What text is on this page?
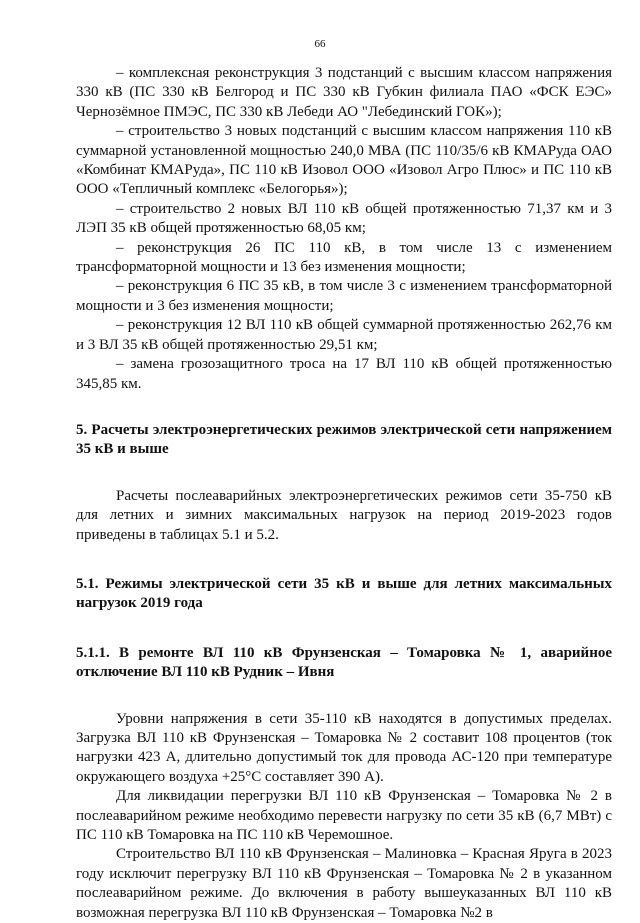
66

– комплексная реконструкция 3 подстанций с высшим классом напряжения 330 кВ (ПС 330 кВ Белгород и ПС 330 кВ Губкин филиала ПАО «ФСК ЕЭС» Чернозёмное ПМЭС, ПС 330 кВ Лебеди АО "Лебединский ГОК»);

– строительство 3 новых подстанций с высшим классом напряжения 110 кВ суммарной установленной мощностью 240,0 МВА (ПС 110/35/6 кВ КМАРуда ОАО «Комбинат КМАРуда», ПС 110 кВ Изовол ООО «Изовол Агро Плюс» и ПС 110 кВ ООО «Тепличный комплекс «Белогорья»);

– строительство 2 новых ВЛ 110 кВ общей протяженностью 71,37 км и 3 ЛЭП 35 кВ общей протяженностью 68,05 км;

– реконструкция 26 ПС 110 кВ, в том числе 13 с изменением трансформаторной мощности и 13 без изменения мощности;

– реконструкция 6 ПС 35 кВ, в том числе 3 с изменением трансформаторной мощности и 3 без изменения мощности;

– реконструкция 12 ВЛ 110 кВ общей суммарной протяженностью 262,76 км и 3 ВЛ 35 кВ общей протяженностью 29,51 км;

– замена грозозащитного троса на 17 ВЛ 110 кВ общей протяженностью 345,85 км.

5. Расчеты электроэнергетических режимов электрической сети напряжением 35 кВ и выше

Расчеты послеаварийных электроэнергетических режимов сети 35-750 кВ для летних и зимних максимальных нагрузок на период 2019-2023 годов приведены в таблицах 5.1 и 5.2.

5.1. Режимы электрической сети 35 кВ и выше для летних максимальных нагрузок 2019 года

5.1.1. В ремонте ВЛ 110 кВ Фрунзенская – Томаровка № 1, аварийное отключение ВЛ 110 кВ Рудник – Ивня

Уровни напряжения в сети 35-110 кВ находятся в допустимых пределах. Загрузка ВЛ 110 кВ Фрунзенская – Томаровка № 2 составит 108 процентов (ток нагрузки 423 А, длительно допустимый ток для провода АС-120 при температуре окружающего воздуха +25°С составляет 390 А).

Для ликвидации перегрузки ВЛ 110 кВ Фрунзенская – Томаровка № 2 в послеаварийном режиме необходимо перевести нагрузку по сети 35 кВ (6,7 МВт) с ПС 110 кВ Томаровка на ПС 110 кВ Черемошное.

Строительство ВЛ 110 кВ Фрунзенская – Малиновка – Красная Яруга в 2023 году исключит перегрузку ВЛ 110 кВ Фрунзенская – Томаровка № 2 в указанном послеаварийном режиме. До включения в работу вышеуказанных ВЛ 110 кВ возможная перегрузка ВЛ 110 кВ Фрунзенская – Томаровка №2 в
